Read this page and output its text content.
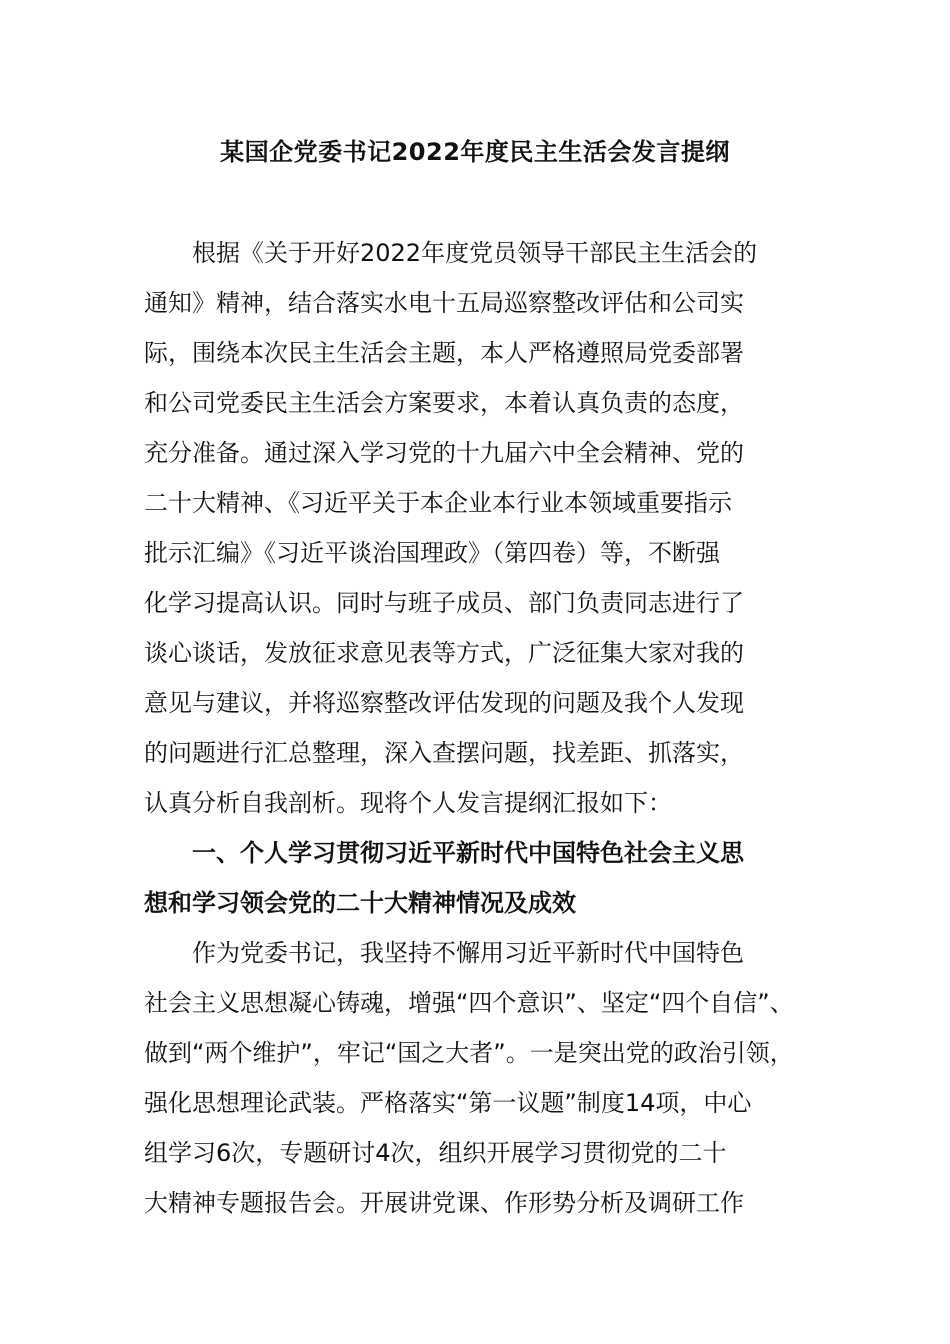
某国企党委书记2022年度民主生活会发言提纲
根据《关于开好2022年度党员领导干部民主生活会的
通知》精神，结合落实水电十五局巡察整改评估和公司实
际，围绕本次民主生活会主题，本人严格遵照局党委部署
和公司党委民主生活会方案要求，本着认真负责的态度，
充分准备。通过深入学习党的十九届六中全会精神、党的
二十大精神、《习近平关于本企业本行业本领域重要指示
批示汇编》《习近平谈治国理政》（第四卷）等，不断强
化学习提高认识。同时与班子成员、部门负责同志进行了
谈心谈话，发放征求意见表等方式，广泛征集大家对我的
意见与建议，并将巡察整改评估发现的问题及我个人发现
的问题进行汇总整理，深入查摆问题，找差距、抓落实，
认真分析自我剖析。现将个人发言提纲汇报如下：
一、个人学习贯彻习近平新时代中国特色社会主义思
想和学习领会党的二十大精神情况及成效
作为党委书记，我坚持不懈用习近平新时代中国特色
社会主义思想凝心铸魂，增强“四个意识”、坚定“四个自信”、
做到“两个维护”，牢记“国之大者”。一是突出党的政治引领，
强化思想理论武装。严格落实“第一议题”制度14项，中心
组学习6次，专题研讨4次，组织开展学习贯彻党的二十
大精神专题报告会。开展讲党课、作形势分析及调研工作
